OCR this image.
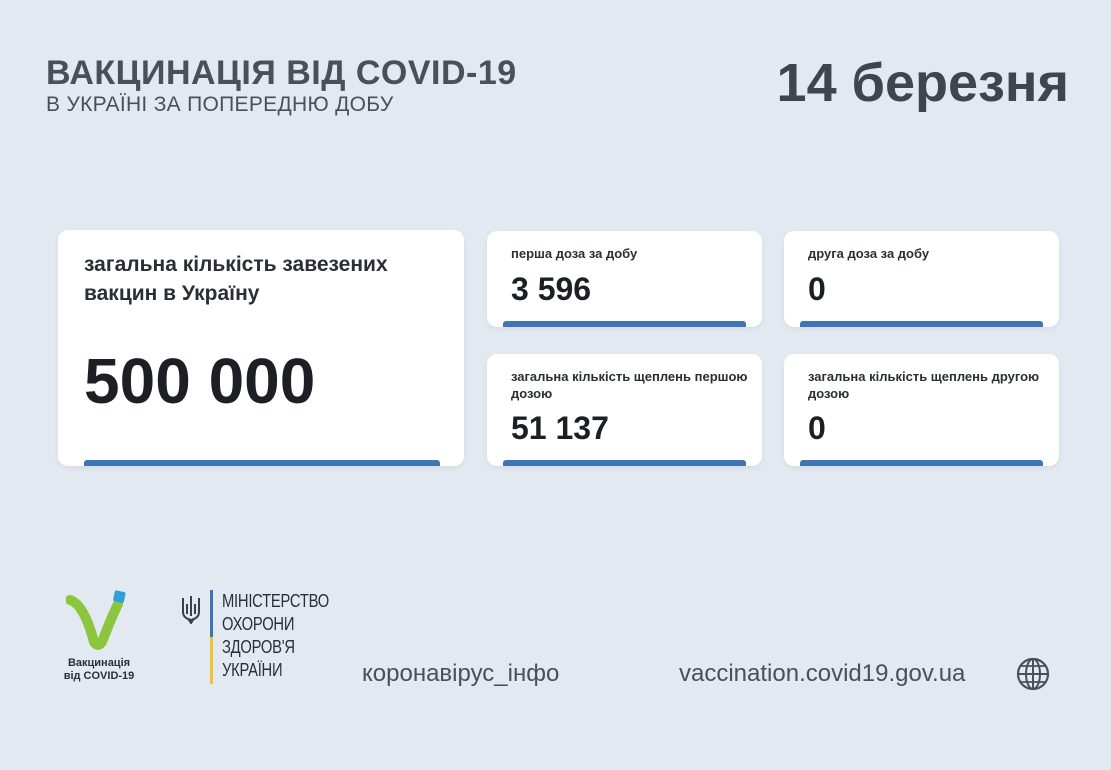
ВАКЦИНАЦІЯ ВІД COVID-19
В УКРАЇНІ ЗА ПОПЕРЕДНЮ ДОБУ	14 березня
загальна кількість завезених вакцин в Україну
500 000
перша доза за добу
3 596
друга доза за добу
0
загальна кількість щеплень першою дозою
51 137
загальна кількість щеплень другою дозою
0
Вакцинація
від COVID-19
МІНІСТЕРСТВО
ОХОРОНИ
ЗДОРОВ'Я
УКРАЇНИ	коронавірус_інфо	vaccination.covid19.gov.ua
